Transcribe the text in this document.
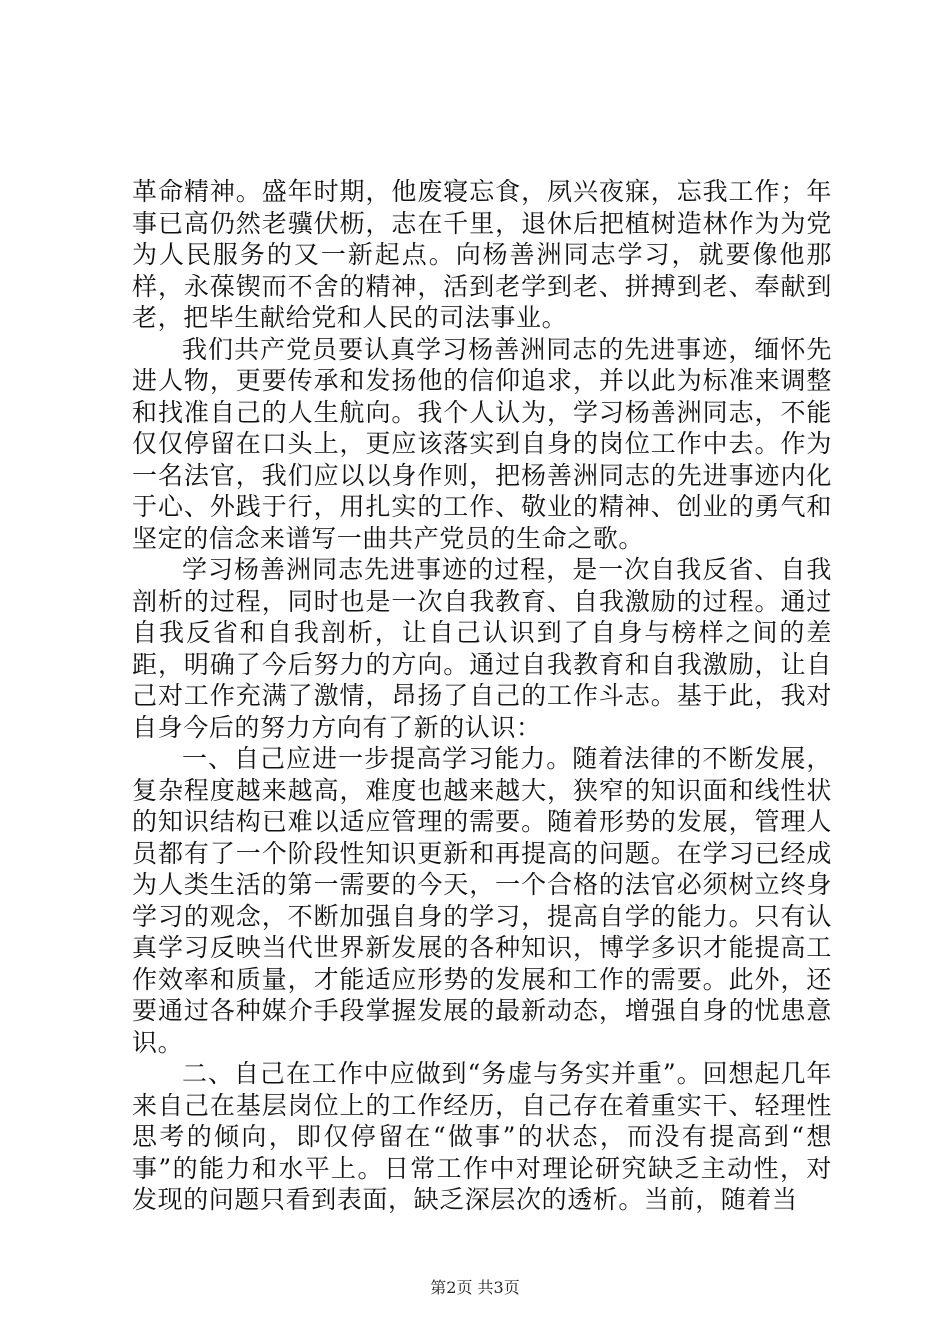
革命精神。盛年时期，他废寝忘食，夙兴夜寐，忘我工作；年事已高仍然老骥伏枥，志在千里，退休后把植树造林作为为党为人民服务的又一新起点。向杨善洲同志学习，就要像他那样，永葆锲而不舍的精神，活到老学到老、拼搏到老、奉献到老，把毕生献给党和人民的司法事业。

我们共产党员要认真学习杨善洲同志的先进事迹，缅怀先进人物，更要传承和发扬他的信仰追求，并以此为标准来调整和找准自己的人生航向。我个人认为，学习杨善洲同志，不能仅仅停留在口头上，更应该落实到自身的岗位工作中去。作为一名法官，我们应以以身作则，把杨善洲同志的先进事迹内化于心、外践于行，用扎实的工作、敬业的精神、创业的勇气和坚定的信念来谱写一曲共产党员的生命之歌。

学习杨善洲同志先进事迹的过程，是一次自我反省、自我剖析的过程，同时也是一次自我教育、自我激励的过程。通过自我反省和自我剖析，让自己认识到了自身与榜样之间的差距，明确了今后努力的方向。通过自我教育和自我激励，让自己对工作充满了激情，昂扬了自己的工作斗志。基于此，我对自身今后的努力方向有了新的认识：

一、自己应进一步提高学习能力。随着法律的不断发展，复杂程度越来越高，难度也越来越大，狭窄的知识面和线性状的知识结构已难以适应管理的需要。随着形势的发展，管理人员都有了一个阶段性知识更新和再提高的问题。在学习已经成为人类生活的第一需要的今天，一个合格的法官必须树立终身学习的观念，不断加强自身的学习，提高自学的能力。只有认真学习反映当代世界新发展的各种知识，博学多识才能提高工作效率和质量，才能适应形势的发展和工作的需要。此外，还要通过各种媒介手段掌握发展的最新动态，增强自身的忧患意识。

二、自己在工作中应做到“务虚与务实并重”。回想起几年来自己在基层岗位上的工作经历，自己存在着重实干、轻理性思考的倾向，即仅停留在“做事”的状态，而没有提高到“想事”的能力和水平上。日常工作中对理论研究缺乏主动性，对发现的问题只看到表面，缺乏深层次的透析。当前，随着当

第2页 共3页
